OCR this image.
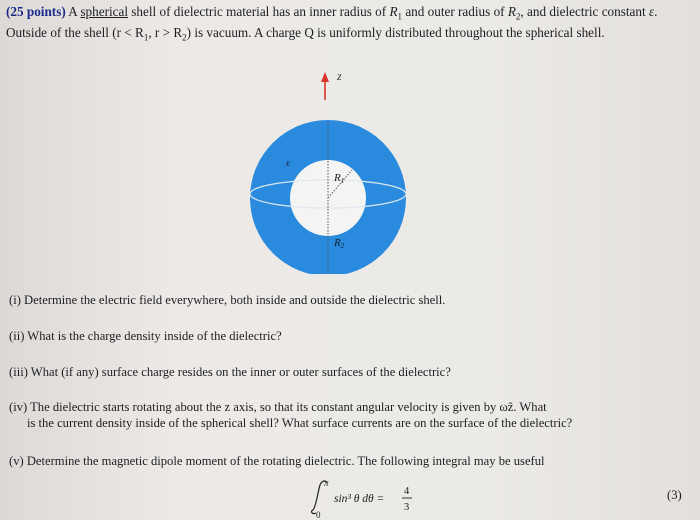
(25 points) A spherical shell of dielectric material has an inner radius of $R_1$ and outer radius of $R_2$, and dielectric constant ε. Outside of the shell ($r < R_1$, $r > R_2$) is vacuum. A charge Q is uniformly distributed throughout the spherical shell.
z
ε
R1
R2
(i) Determine the electric field everywhere, both inside and outside the dielectric shell.
(ii) What is the charge density inside of the dielectric?
(iii) What (if any) surface charge resides on the inner or outer surfaces of the dielectric?
(iv) The dielectric starts rotating about the z axis, so that its constant angular velocity is given by ωẑ. What
is the current density inside of the spherical shell? What surface currents are on the surface of the dielectric?
(v) Determine the magnetic dipole moment of the rotating dielectric. The following integral may be useful
π
0
sin³ θ dθ =
4
3
(3)
